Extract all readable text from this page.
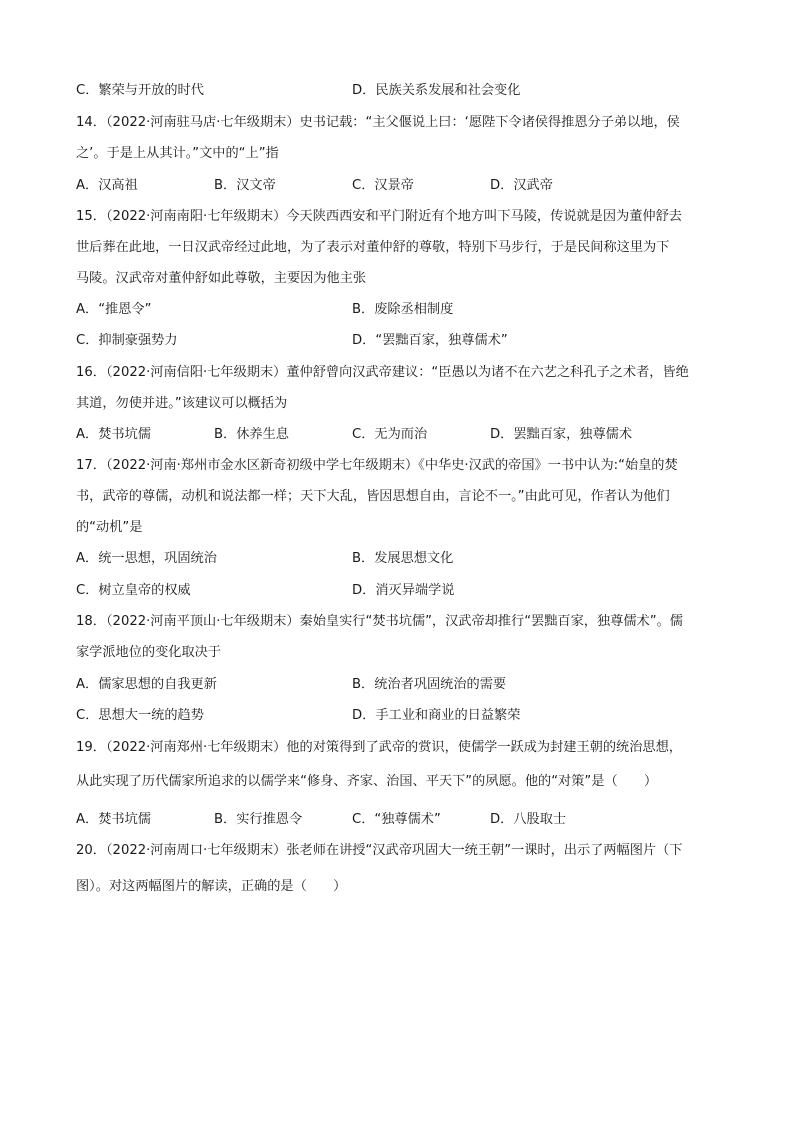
C．繁荣与开放的时代	D．民族关系发展和社会变化
14．（2022·河南驻马店·七年级期末）史书记载：“主父偃说上曰：‘愿陛下令诸侯得推恩分子弟以地，侯
之’。于是上从其计。”文中的“上”指
A．汉高祖	B．汉文帝	C．汉景帝	D．汉武帝
15．（2022·河南南阳·七年级期末）今天陕西西安和平门附近有个地方叫下马陵，传说就是因为董仲舒去
世后葬在此地，一日汉武帝经过此地，为了表示对董仲舒的尊敬，特别下马步行，于是民间称这里为下
马陵。汉武帝对董仲舒如此尊敬，主要因为他主张
A．“推恩令”	B．废除丞相制度
C．抑制豪强势力	D．“罢黜百家，独尊儒术”
16．（2022·河南信阳·七年级期末）董仲舒曾向汉武帝建议：“臣愚以为诸不在六艺之科孔子之术者，皆绝
其道，勿使并进。”该建议可以概括为
A．焚书坑儒	B．休养生息	C．无为而治	D．罢黜百家，独尊儒术
17．（2022·河南·郑州市金水区新奇初级中学七年级期末）《中华史·汉武的帝国》一书中认为:“始皇的焚
书，武帝的尊儒，动机和说法都一样；天下大乱，皆因思想自由，言论不一。”由此可见，作者认为他们
的“动机”是
A．统一思想，巩固统治	B．发展思想文化
C．树立皇帝的权威	D．消灭异端学说
18．（2022·河南平顶山·七年级期末）秦始皇实行“焚书坑儒”，汉武帝却推行“罢黜百家，独尊儒术”。儒
家学派地位的变化取决于
A．儒家思想的自我更新	B．统治者巩固统治的需要
C．思想大一统的趋势	D．手工业和商业的日益繁荣
19．（2022·河南郑州·七年级期末）他的对策得到了武帝的赏识，使儒学一跃成为封建王朝的统治思想，
从此实现了历代儒家所追求的以儒学来“修身、齐家、治国、平天下”的夙愿。他的“对策”是（　　）
A．焚书坑儒	B．实行推恩令	C．“独尊儒术”	D．八股取士
20．（2022·河南周口·七年级期末）张老师在讲授“汉武帝巩固大一统王朝”一课时，出示了两幅图片（下
图）。对这两幅图片的解读，正确的是（　　）
